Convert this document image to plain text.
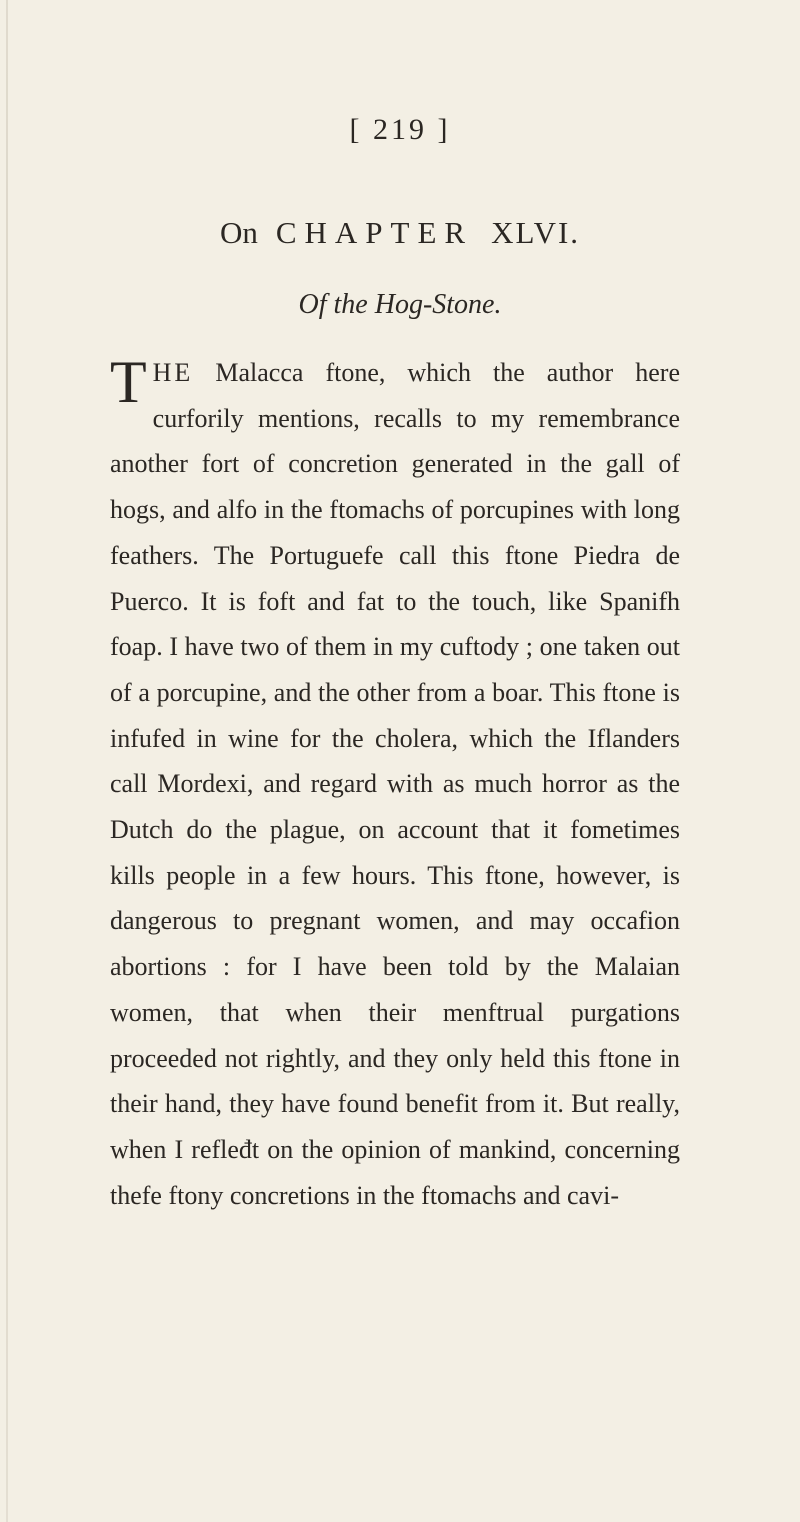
[ 219 ]
On CHAPTER XLVI.
Of the Hog-Stone.
THE Malacca ftone, which the author here curforily mentions, recalls to my remembrance another fort of concretion generated in the gall of hogs, and alfo in the ftomachs of porcupines with long feathers. The Portuguefe call this ftone Piedra de Puerco. It is foft and fat to the touch, like Spanifh foap. I have two of them in my cuftody ; one taken out of a porcupine, and the other from a boar. This ftone is infufed in wine for the cholera, which the Iflanders call Mordexi, and regard with as much horror as the Dutch do the plague, on account that it fometimes kills people in a few hours. This ftone, however, is dangerous to pregnant women, and may occafion abortions : for I have been told by the Malaian women, that when their menftrual purgations proceeded not rightly, and they only held this ftone in their hand, they have found benefit from it. But really, when I refleđt on the opinion of mankind, concerning thefe ftony concretions in the ftomachs and cavi-
